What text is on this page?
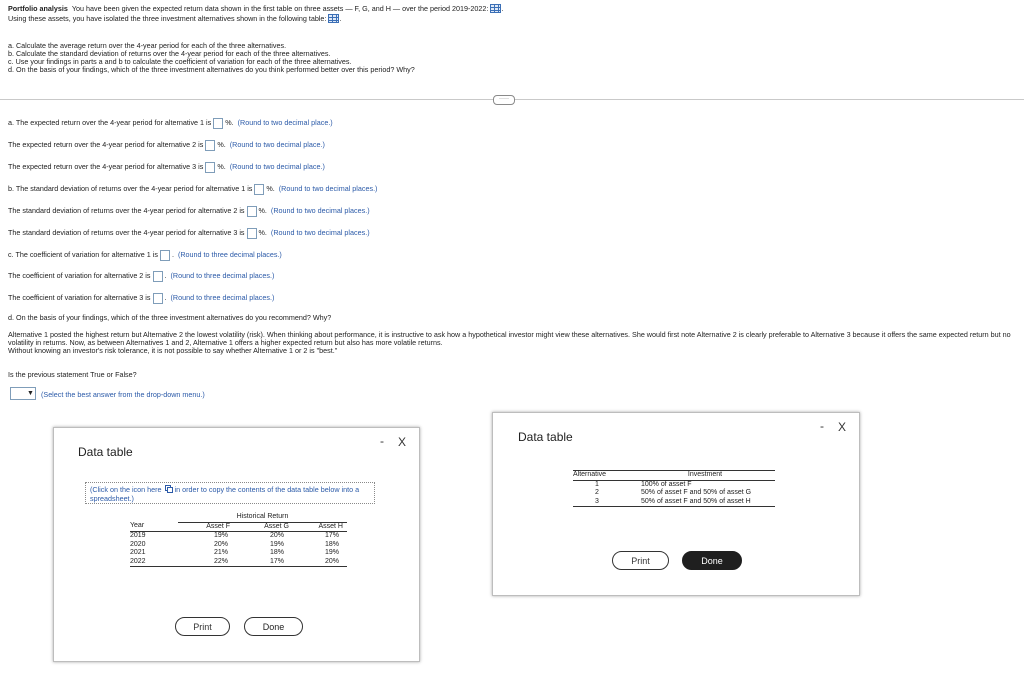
Portfolio analysis You have been given the expected return data shown in the first table on three assets — F, G, and H — over the period 2019-2022: .
Using these assets, you have isolated the three investment alternatives shown in the following table: .
a. Calculate the average return over the 4-year period for each of the three alternatives.
b. Calculate the standard deviation of returns over the 4-year period for each of the three alternatives.
c. Use your findings in parts a and b to calculate the coefficient of variation for each of the three alternatives.
d. On the basis of your findings, which of the three investment alternatives do you think performed better over this period? Why?
·····
a. The expected return over the 4-year period for alternative 1 is %. (Round to two decimal place.)
The expected return over the 4-year period for alternative 2 is %. (Round to two decimal place.)
The expected return over the 4-year period for alternative 3 is %. (Round to two decimal place.)
b. The standard deviation of returns over the 4-year period for alternative 1 is %. (Round to two decimal places.)
The standard deviation of returns over the 4-year period for alternative 2 is %. (Round to two decimal places.)
The standard deviation of returns over the 4-year period for alternative 3 is %. (Round to two decimal places.)
c. The coefficient of variation for alternative 1 is . (Round to three decimal places.)
The coefficient of variation for alternative 2 is . (Round to three decimal places.)
The coefficient of variation for alternative 3 is . (Round to three decimal places.)
d. On the basis of your findings, which of the three investment alternatives do you recommend? Why?
Alternative 1 posted the highest return but Alternative 2 the lowest volatility (risk). When thinking about performance, it is instructive to ask how a hypothetical investor might view these alternatives. She would first note Alternative 2 is clearly preferable to Alternative 3 because it offers the same expected return but no volatility in returns. Now, as between Alternatives 1 and 2, Alternative 1 offers a higher expected return but also has more volatile returns.
Without knowing an investor's risk tolerance, it is not possible to say whether Alternative 1 or 2 is "best."
Is the previous statement True or False?
▼ (Select the best answer from the drop-down menu.)
Data table
- X
(Click on the icon here in order to copy the contents of the data table below into a spreadsheet.)
	Historical Return		
Year	Asset F	Asset G	Asset H
2019	19%	20%	17%
2020	20%	19%	18%
2021	21%	18%	19%
2022	22%	17%	20%
Print	Done
Data table
- X
Alternative	Investment
1	100% of asset F
2	50% of asset F and 50% of asset G
3	50% of asset F and 50% of asset H
Print	Done
